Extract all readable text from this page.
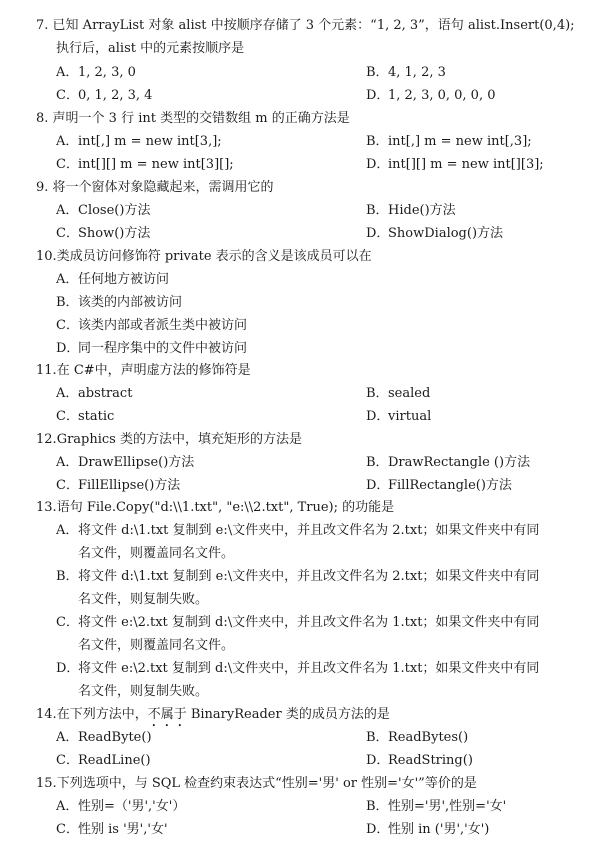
7. 已知 ArrayList 对象 alist 中按顺序存储了 3 个元素：“1, 2, 3”，语句 alist.Insert(0,4);
执行后，alist 中的元素按顺序是
A．1, 2, 3, 0	B．4, 1, 2, 3
C．0, 1, 2, 3, 4	D．1, 2, 3, 0, 0, 0, 0
8. 声明一个 3 行 int 类型的交错数组 m 的正确方法是
A．int[,] m = new int[3,];	B．int[,] m = new int[,3];
C．int[][] m = new int[3][];	D．int[][] m = new int[][3];
9. 将一个窗体对象隐藏起来，需调用它的
A．Close()方法	B．Hide()方法
C．Show()方法	D．ShowDialog()方法
10.类成员访问修饰符 private 表示的含义是该成员可以在
A．任何地方被访问
B．该类的内部被访问
C．该类内部或者派生类中被访问
D．同一程序集中的文件中被访问
11.在 C#中，声明虚方法的修饰符是
A．abstract	B．sealed
C．static	D．virtual
12.Graphics 类的方法中，填充矩形的方法是
A．DrawEllipse()方法	B．DrawRectangle ()方法
C．FillEllipse()方法	D．FillRectangle()方法
13.语句 File.Copy("d:\\1.txt", "e:\\2.txt", True); 的功能是
A．将文件 d:\1.txt 复制到 e:\文件夹中，并且改文件名为 2.txt；如果文件夹中有同
名文件，则覆盖同名文件。
B．将文件 d:\1.txt 复制到 e:\文件夹中，并且改文件名为 2.txt；如果文件夹中有同
名文件，则复制失败。
C．将文件 e:\2.txt 复制到 d:\文件夹中，并且改文件名为 1.txt；如果文件夹中有同
名文件，则覆盖同名文件。
D．将文件 e:\2.txt 复制到 d:\文件夹中，并且改文件名为 1.txt；如果文件夹中有同
名文件，则复制失败。
14.在下列方法中，不属于 BinaryReader 类的成员方法的是
A．ReadByte()	B．ReadBytes()
C．ReadLine()	D．ReadString()
15.下列选项中，与 SQL 检查约束表达式“性别='男' or 性别='女'”等价的是
A．性别=（'男','女'）	B．性别='男',性别='女'
C．性别 is '男','女'	D．性别 in ('男','女')
